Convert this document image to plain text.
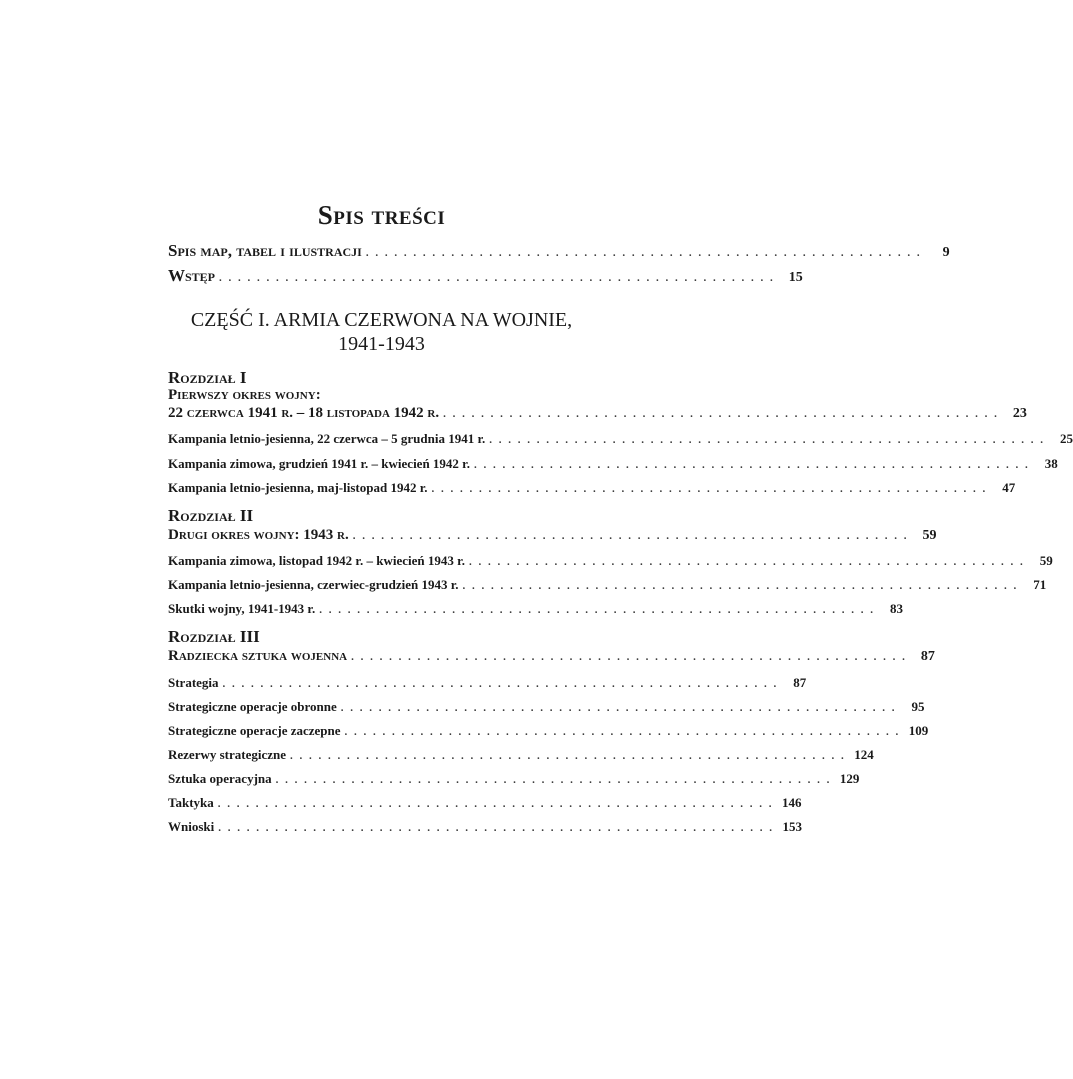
Spis treści
Spis map, tabel i ilustracji . . . . . . . . . . . . . . . . . . . . . . . . . . . . . . . . . . . . . . . . . . . . . . . . . . . . . . . . . . .	9
Wstęp . . . . . . . . . . . . . . . . . . . . . . . . . . . . . . . . . . . . . . . . . . . . . . . . . . . . . . . . . . .	15
CZĘŚĆ I. ARMIA CZERWONA NA WOJNIE,
1941-1943
Rozdział I
Pierwszy okres wojny:
22 czerwca 1941 r. – 18 listopada 1942 r. . . . . . . . . . . . . . . . . . . . . . . . . . . . . . . . . . . . . . . . . . . . . . . . . . . . . . . . . . . .	23
Kampania letnio-jesienna, 22 czerwca – 5 grudnia 1941 r. . . . . . . . . . . . . . . . . . . . . . . . . . . . . . . . . . . . . . . . . . . . . . . . . . . . . . . . . . . .	25
Kampania zimowa, grudzień 1941 r. – kwiecień 1942 r. . . . . . . . . . . . . . . . . . . . . . . . . . . . . . . . . . . . . . . . . . . . . . . . . . . . . . . . . . . .	38
Kampania letnio-jesienna, maj-listopad 1942 r. . . . . . . . . . . . . . . . . . . . . . . . . . . . . . . . . . . . . . . . . . . . . . . . . . . . . . . . . . . .	47
Rozdział II
Drugi okres wojny: 1943 r. . . . . . . . . . . . . . . . . . . . . . . . . . . . . . . . . . . . . . . . . . . . . . . . . . . . . . . . . . . .	59
Kampania zimowa, listopad 1942 r. – kwiecień 1943 r. . . . . . . . . . . . . . . . . . . . . . . . . . . . . . . . . . . . . . . . . . . . . . . . . . . . . . . . . . . .	59
Kampania letnio-jesienna, czerwiec-grudzień 1943 r. . . . . . . . . . . . . . . . . . . . . . . . . . . . . . . . . . . . . . . . . . . . . . . . . . . . . . . . . . . .	71
Skutki wojny, 1941-1943 r. . . . . . . . . . . . . . . . . . . . . . . . . . . . . . . . . . . . . . . . . . . . . . . . . . . . . . . . . . . .	83
Rozdział III
Radziecka sztuka wojenna . . . . . . . . . . . . . . . . . . . . . . . . . . . . . . . . . . . . . . . . . . . . . . . . . . . . . . . . . . .	87
Strategia . . . . . . . . . . . . . . . . . . . . . . . . . . . . . . . . . . . . . . . . . . . . . . . . . . . . . . . . . . .	87
Strategiczne operacje obronne . . . . . . . . . . . . . . . . . . . . . . . . . . . . . . . . . . . . . . . . . . . . . . . . . . . . . . . . . . .	95
Strategiczne operacje zaczepne . . . . . . . . . . . . . . . . . . . . . . . . . . . . . . . . . . . . . . . . . . . . . . . . . . . . . . . . . . . 109
Rezerwy strategiczne . . . . . . . . . . . . . . . . . . . . . . . . . . . . . . . . . . . . . . . . . . . . . . . . . . . . . . . . . . . 124
Sztuka operacyjna . . . . . . . . . . . . . . . . . . . . . . . . . . . . . . . . . . . . . . . . . . . . . . . . . . . . . . . . . . . 129
Taktyka . . . . . . . . . . . . . . . . . . . . . . . . . . . . . . . . . . . . . . . . . . . . . . . . . . . . . . . . . . . 146
Wnioski . . . . . . . . . . . . . . . . . . . . . . . . . . . . . . . . . . . . . . . . . . . . . . . . . . . . . . . . . . . 153
